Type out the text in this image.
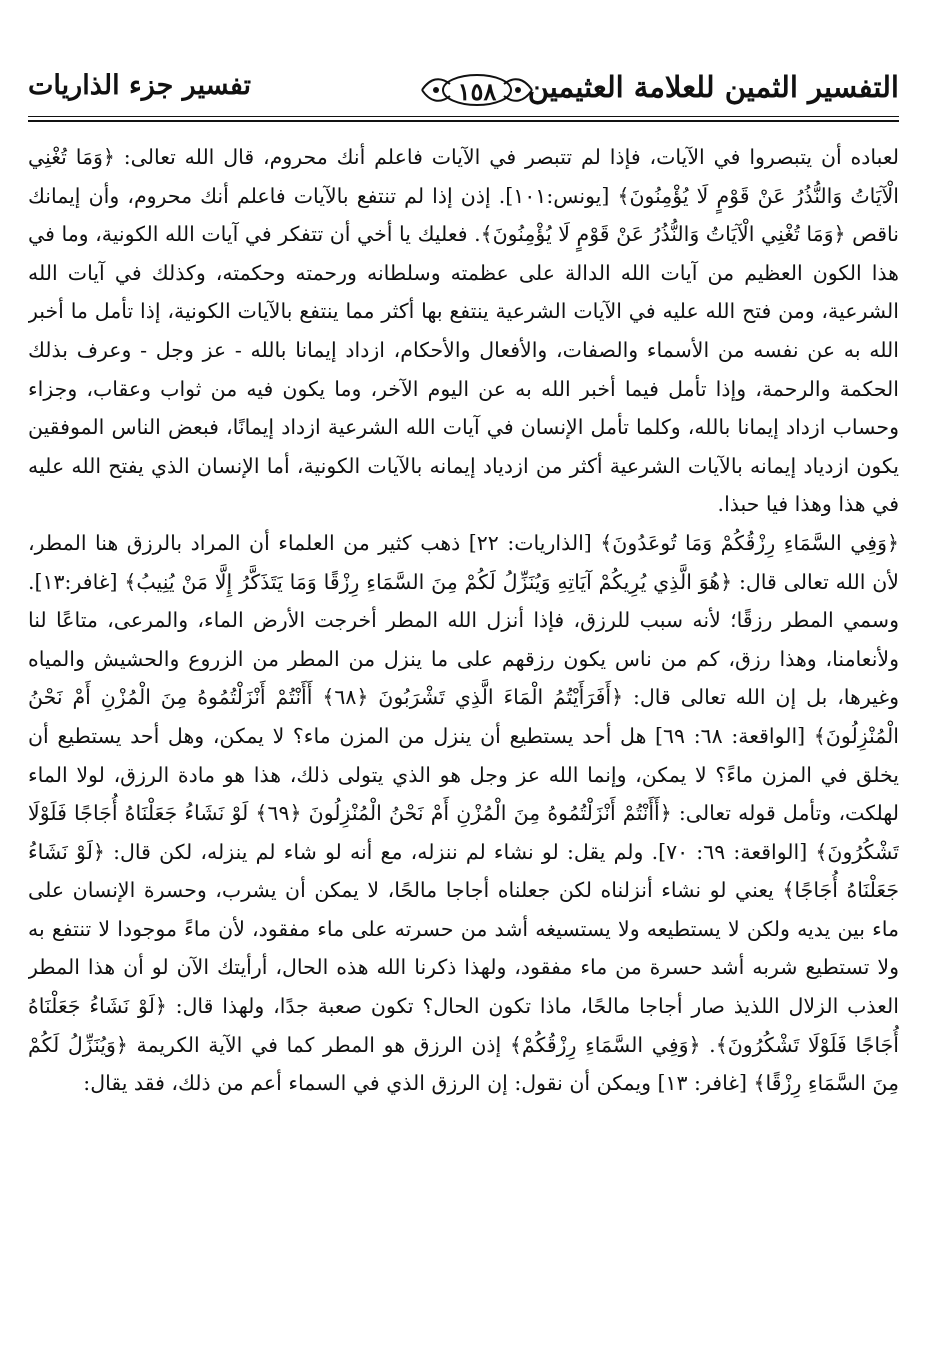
التفسير الثمين للعلامة العثيمين
١٥٨
تفسير جزء الذاريات

لعباده أن يتبصروا في الآيات، فإذا لم تتبصر في الآيات فاعلم أنك محروم، قال الله تعالى: ﴿وَمَا تُغْنِي الْآيَاتُ وَالنُّذُرُ عَنْ قَوْمٍ لَا يُؤْمِنُونَ﴾ [يونس:١٠١]. إذن إذا لم تنتفع بالآيات فاعلم أنك محروم، وأن إيمانك ناقص ﴿وَمَا تُغْنِي الْآيَاتُ وَالنُّذُرُ عَنْ قَوْمٍ لَا يُؤْمِنُونَ﴾. فعليك يا أخي أن تتفكر في آيات الله الكونية، وما في هذا الكون العظيم من آيات الله الدالة على عظمته وسلطانه ورحمته وحكمته، وكذلك في آيات الله الشرعية، ومن فتح الله عليه في الآيات الشرعية ينتفع بها أكثر مما ينتفع بالآيات الكونية، إذا تأمل ما أخبر الله به عن نفسه من الأسماء والصفات، والأفعال والأحكام، ازداد إيمانا بالله - عز وجل - وعرف بذلك الحكمة والرحمة، وإذا تأمل فيما أخبر الله به عن اليوم الآخر، وما يكون فيه من ثواب وعقاب، وجزاء وحساب ازداد إيمانا بالله، وكلما تأمل الإنسان في آيات الله الشرعية ازداد إيمانًا، فبعض الناس الموفقين يكون ازدياد إيمانه بالآيات الشرعية أكثر من ازدياد إيمانه بالآيات الكونية، أما الإنسان الذي يفتح الله عليه في هذا وهذا فيا حبذا.

﴿وَفِي السَّمَاءِ رِزْقُكُمْ وَمَا تُوعَدُونَ﴾ [الذاريات: ٢٢] ذهب كثير من العلماء أن المراد بالرزق هنا المطر، لأن الله تعالى قال: ﴿هُوَ الَّذِي يُرِيكُمْ آيَاتِهِ وَيُنَزِّلُ لَكُمْ مِنَ السَّمَاءِ رِزْقًا وَمَا يَتَذَكَّرُ إِلَّا مَنْ يُنِيبُ﴾ [غافر:١٣]. وسمي المطر رزقًا؛ لأنه سبب للرزق، فإذا أنزل الله المطر أخرجت الأرض الماء، والمرعى، متاعًا لنا ولأنعامنا، وهذا رزق، كم من ناس يكون رزقهم على ما ينزل من المطر من الزروع والحشيش والمياه وغيرها، بل إن الله تعالى قال: ﴿أَفَرَأَيْتُمُ الْمَاءَ الَّذِي تَشْرَبُونَ ﴿٦٨﴾ أَأَنْتُمْ أَنْزَلْتُمُوهُ مِنَ الْمُزْنِ أَمْ نَحْنُ الْمُنْزِلُونَ﴾ [الواقعة: ٦٨: ٦٩] هل أحد يستطيع أن ينزل من المزن ماء؟ لا يمكن، وهل أحد يستطيع أن يخلق في المزن ماءً؟ لا يمكن، وإنما الله عز وجل هو الذي يتولى ذلك، هذا هو مادة الرزق، لولا الماء لهلكت، وتأمل قوله تعالى: ﴿أَأَنْتُمْ أَنْزَلْتُمُوهُ مِنَ الْمُزْنِ أَمْ نَحْنُ الْمُنْزِلُونَ ﴿٦٩﴾ لَوْ نَشَاءُ جَعَلْنَاهُ أُجَاجًا فَلَوْلَا تَشْكُرُونَ﴾ [الواقعة: ٦٩: ٧٠]. ولم يقل: لو نشاء لم ننزله، مع أنه لو شاء لم ينزله، لكن قال: ﴿لَوْ نَشَاءُ جَعَلْنَاهُ أُجَاجًا﴾ يعني لو نشاء أنزلناه لكن جعلناه أجاجا مالحًا، لا يمكن أن يشرب، وحسرة الإنسان على ماء بين يديه ولكن لا يستطيعه ولا يستسيغه أشد من حسرته على ماء مفقود، لأن ماءً موجودا لا تنتفع به ولا تستطيع شربه أشد حسرة من ماء مفقود، ولهذا ذكرنا الله هذه الحال، أرأيتك الآن لو أن هذا المطر العذب الزلال اللذيذ صار أجاجا مالحًا، ماذا تكون الحال؟ تكون صعبة جدًا، ولهذا قال: ﴿لَوْ نَشَاءُ جَعَلْنَاهُ أُجَاجًا فَلَوْلَا تَشْكُرُونَ﴾. ﴿وَفِي السَّمَاءِ رِزْقُكُمْ﴾ إذن الرزق هو المطر كما في الآية الكريمة ﴿وَيُنَزِّلُ لَكُمْ مِنَ السَّمَاءِ رِزْقًا﴾ [غافر: ١٣] ويمكن أن نقول: إن الرزق الذي في السماء أعم من ذلك، فقد يقال:
